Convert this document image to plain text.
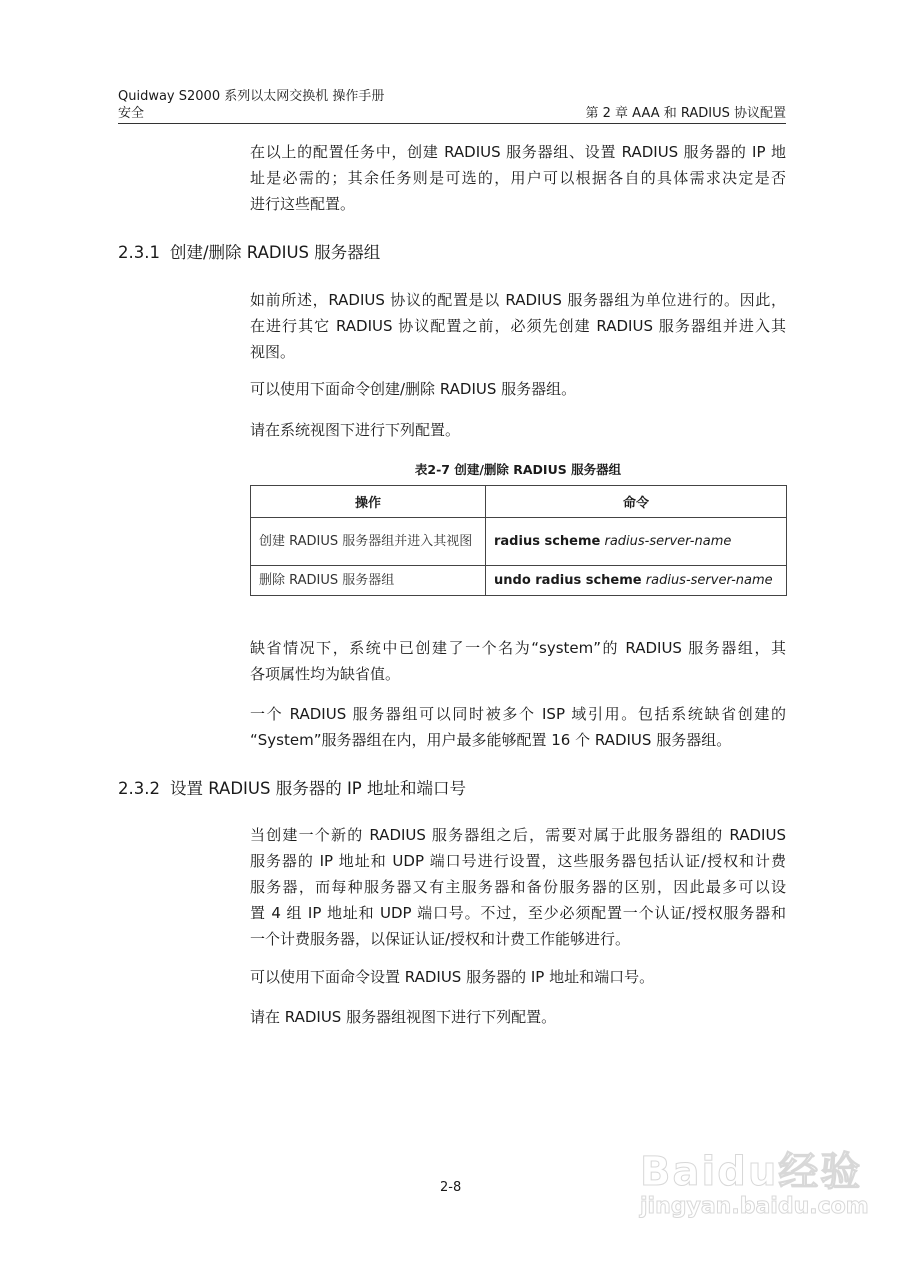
Quidway S2000 系列以太网交换机 操作手册
安全	第 2 章 AAA 和 RADIUS 协议配置
在以上的配置任务中，创建 RADIUS 服务器组、设置 RADIUS 服务器的 IP 地
址是必需的；其余任务则是可选的，用户可以根据各自的具体需求决定是否
进行这些配置。
2.3.1 创建/删除 RADIUS 服务器组
如前所述，RADIUS 协议的配置是以 RADIUS 服务器组为单位进行的。因此，
在进行其它 RADIUS 协议配置之前，必须先创建 RADIUS 服务器组并进入其
视图。
可以使用下面命令创建/删除 RADIUS 服务器组。
请在系统视图下进行下列配置。
表2-7 创建/删除 RADIUS 服务器组
操作	命令
创建 RADIUS 服务器组并进入其视图	radius scheme radius-server-name
删除 RADIUS 服务器组	undo radius scheme radius-server-name
缺省情况下，系统中已创建了一个名为“system”的 RADIUS 服务器组，其
各项属性均为缺省值。
一个 RADIUS 服务器组可以同时被多个 ISP 域引用。包括系统缺省创建的
“System”服务器组在内，用户最多能够配置 16 个 RADIUS 服务器组。
2.3.2 设置 RADIUS 服务器的 IP 地址和端口号
当创建一个新的 RADIUS 服务器组之后，需要对属于此服务器组的 RADIUS
服务器的 IP 地址和 UDP 端口号进行设置，这些服务器包括认证/授权和计费
服务器，而每种服务器又有主服务器和备份服务器的区别，因此最多可以设
置 4 组 IP 地址和 UDP 端口号。不过，至少必须配置一个认证/授权服务器和
一个计费服务器，以保证认证/授权和计费工作能够进行。
可以使用下面命令设置 RADIUS 服务器的 IP 地址和端口号。
请在 RADIUS 服务器组视图下进行下列配置。
2-8	Baidu经验
jingyan.baidu.com
